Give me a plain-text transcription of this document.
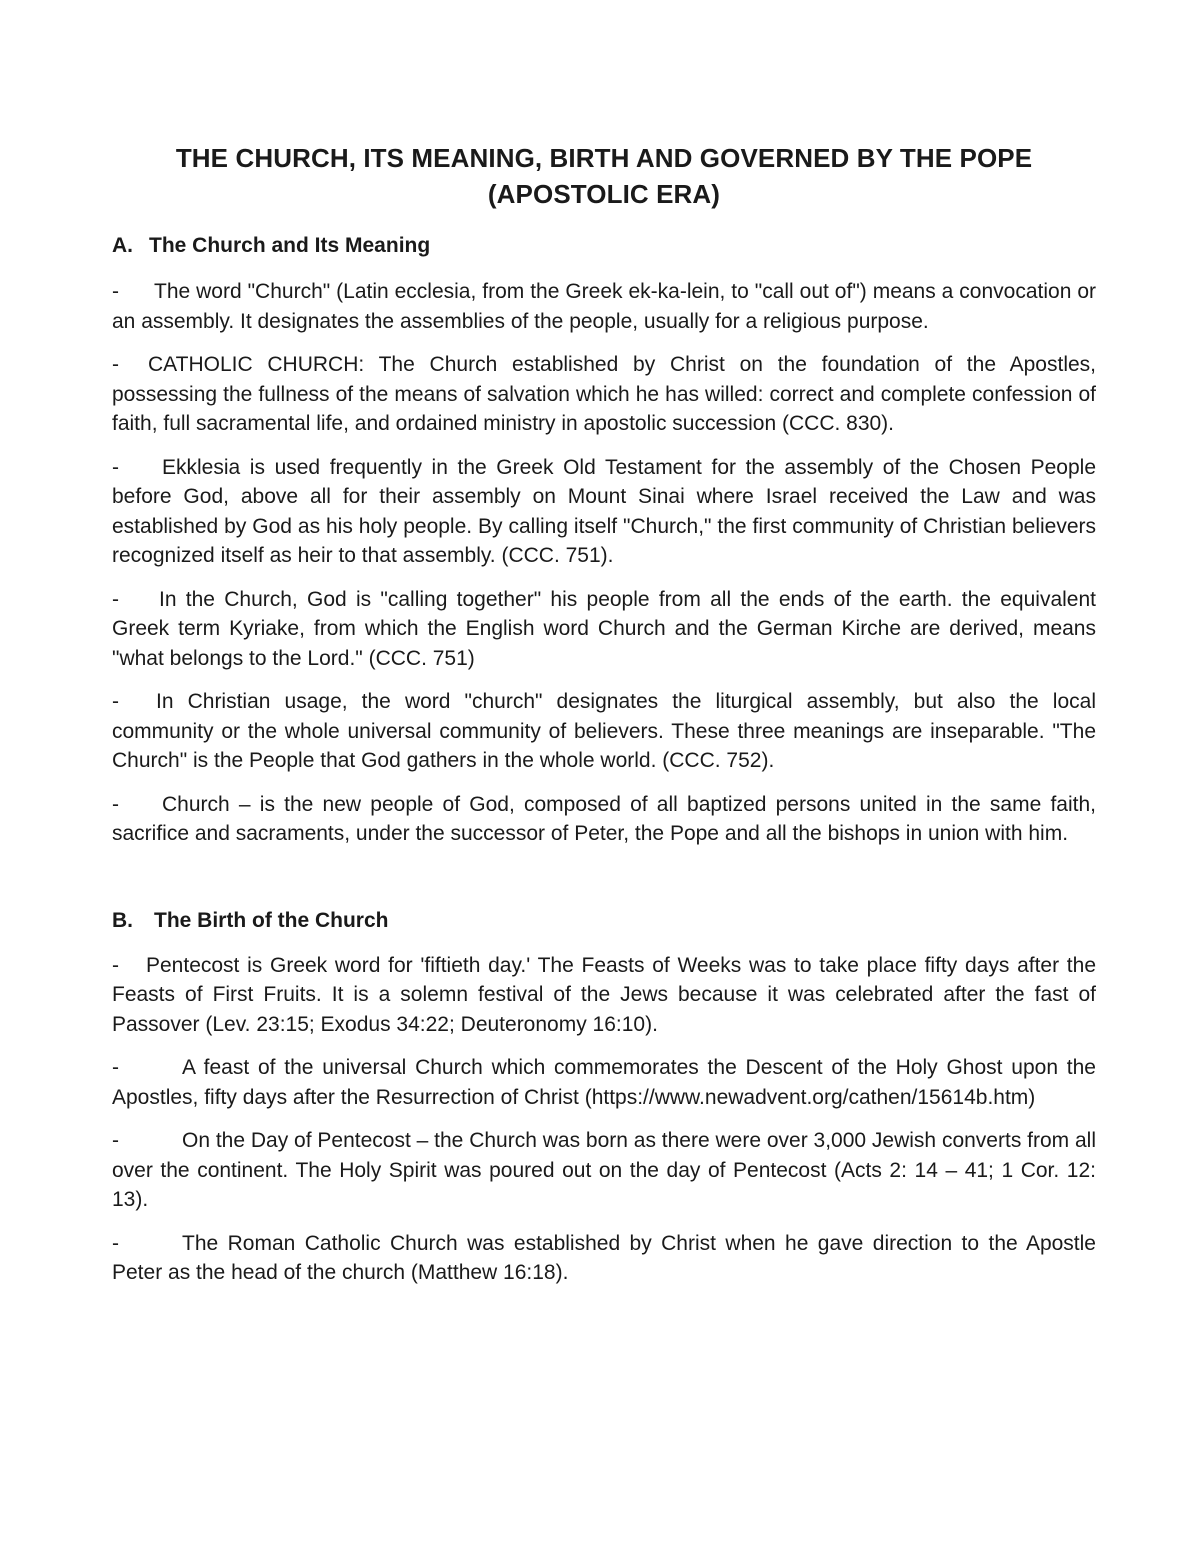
THE CHURCH, ITS MEANING, BIRTH AND GOVERNED BY THE POPE
(APOSTOLIC ERA)
A. The Church and Its Meaning

- The word "Church" (Latin ecclesia, from the Greek ek-ka-lein, to "call out of") means a convocation or an assembly. It designates the assemblies of the people, usually for a religious purpose.

- CATHOLIC CHURCH: The Church established by Christ on the foundation of the Apostles, possessing the fullness of the means of salvation which he has willed: correct and complete confession of faith, full sacramental life, and ordained ministry in apostolic succession (CCC. 830).

- Ekklesia is used frequently in the Greek Old Testament for the assembly of the Chosen People before God, above all for their assembly on Mount Sinai where Israel received the Law and was established by God as his holy people. By calling itself "Church," the first community of Christian believers recognized itself as heir to that assembly. (CCC. 751).

- In the Church, God is "calling together" his people from all the ends of the earth. the equivalent Greek term Kyriake, from which the English word Church and the German Kirche are derived, means "what belongs to the Lord." (CCC. 751)

- In Christian usage, the word "church" designates the liturgical assembly, but also the local community or the whole universal community of believers. These three meanings are inseparable. "The Church" is the People that God gathers in the whole world. (CCC. 752).

- Church – is the new people of God, composed of all baptized persons united in the same faith, sacrifice and sacraments, under the successor of Peter, the Pope and all the bishops in union with him.

B. The Birth of the Church

- Pentecost is Greek word for 'fiftieth day.' The Feasts of Weeks was to take place fifty days after the Feasts of First Fruits. It is a solemn festival of the Jews because it was celebrated after the fast of Passover (Lev. 23:15; Exodus 34:22; Deuteronomy 16:10).

-	A feast of the universal Church which commemorates the Descent of the Holy Ghost upon the Apostles, fifty days after the Resurrection of Christ (https://www.newadvent.org/cathen/15614b.htm)

-	On the Day of Pentecost – the Church was born as there were over 3,000 Jewish converts from all over the continent. The Holy Spirit was poured out on the day of Pentecost (Acts 2: 14 – 41; 1 Cor. 12: 13).

-	The Roman Catholic Church was established by Christ when he gave direction to the Apostle Peter as the head of the church (Matthew 16:18).
